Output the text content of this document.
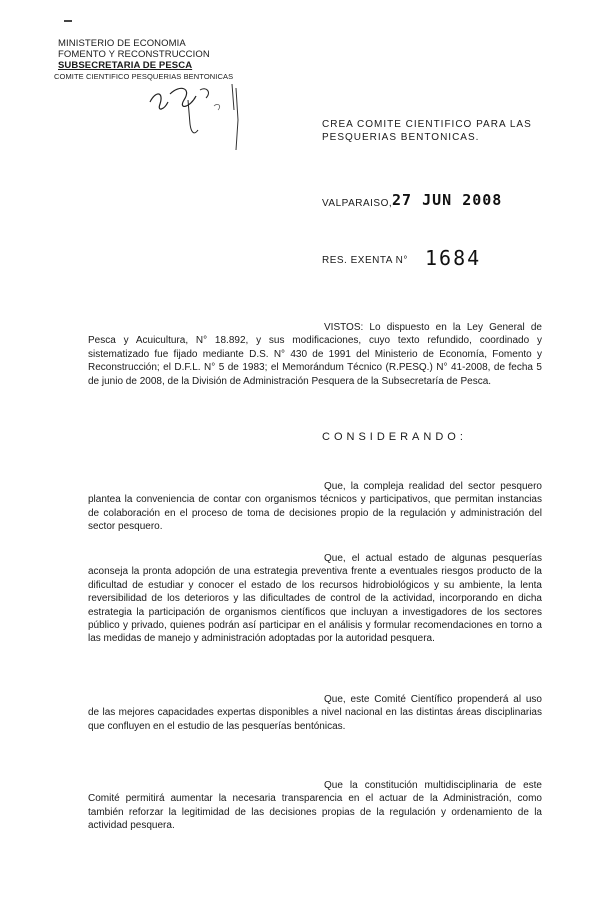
MINISTERIO DE ECONOMIA
FOMENTO Y RECONSTRUCCION
SUBSECRETARIA DE PESCA
COMITE CIENTIFICO PESQUERIAS BENTONICAS
CREA COMITE CIENTIFICO PARA LAS PESQUERIAS BENTONICAS.
VALPARAISO, 27 JUN 2008
RES. EXENTA N° 1684
VISTOS: Lo dispuesto en la Ley General de Pesca y Acuicultura, N° 18.892, y sus modificaciones, cuyo texto refundido, coordinado y sistematizado fue fijado mediante D.S. N° 430 de 1991 del Ministerio de Economía, Fomento y Reconstrucción; el D.F.L. N° 5 de 1983; el Memorándum Técnico (R.PESQ.) N° 41-2008, de fecha 5 de junio de 2008, de la División de Administración Pesquera de la Subsecretaría de Pesca.
CONSIDERANDO:
Que, la compleja realidad del sector pesquero plantea la conveniencia de contar con organismos técnicos y participativos, que permitan instancias de colaboración en el proceso de toma de decisiones propio de la regulación y administración del sector pesquero.
Que, el actual estado de algunas pesquerías aconseja la pronta adopción de una estrategia preventiva frente a eventuales riesgos producto de la dificultad de estudiar y conocer el estado de los recursos hidrobiológicos y su ambiente, la lenta reversibilidad de los deterioros y las dificultades de control de la actividad, incorporando en dicha estrategia la participación de organismos científicos que incluyan a investigadores de los sectores público y privado, quienes podrán así participar en el análisis y formular recomendaciones en torno a las medidas de manejo y administración adoptadas por la autoridad pesquera.
Que, este Comité Científico propenderá al uso de las mejores capacidades expertas disponibles a nivel nacional en las distintas áreas disciplinarias que confluyen en el estudio de las pesquerías bentónicas.
Que la constitución multidisciplinaria de este Comité permitirá aumentar la necesaria transparencia en el actuar de la Administración, como también reforzar la legitimidad de las decisiones propias de la regulación y ordenamiento de la actividad pesquera.
